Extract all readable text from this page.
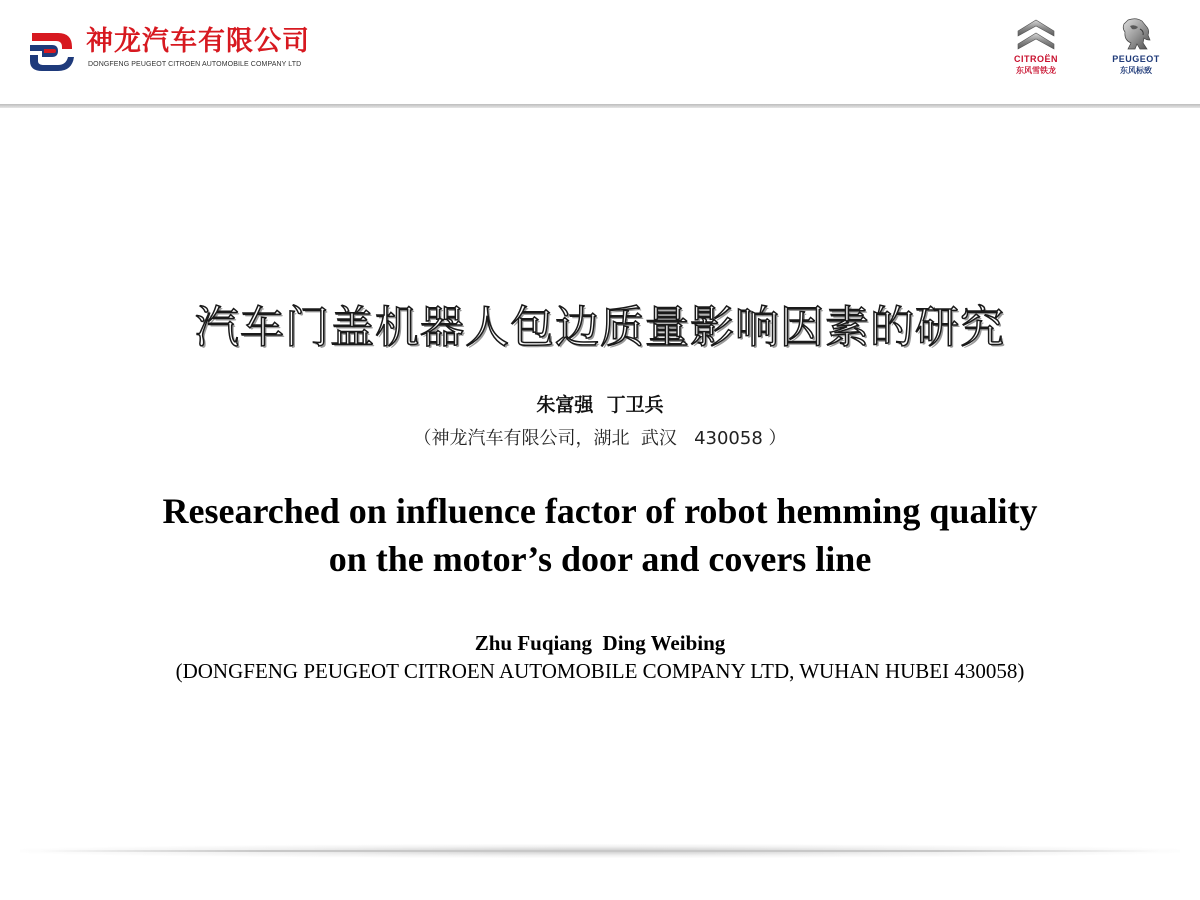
神龙汽车有限公司
DONGFENG PEUGEOT CITROEN AUTOMOBILE COMPANY LTD
CITROËN
东风雪铁龙
PEUGEOT
东风标致
汽车门盖机器人包边质量影响因素的研究
朱富强  丁卫兵
（神龙汽车有限公司，湖北  武汉   430058 ）
Researched on influence factor of robot hemming quality
on the motor’s door and covers line
Zhu Fuqiang  Ding Weibing
(DONGFENG PEUGEOT CITROEN AUTOMOBILE COMPANY LTD, WUHAN HUBEI 430058)
